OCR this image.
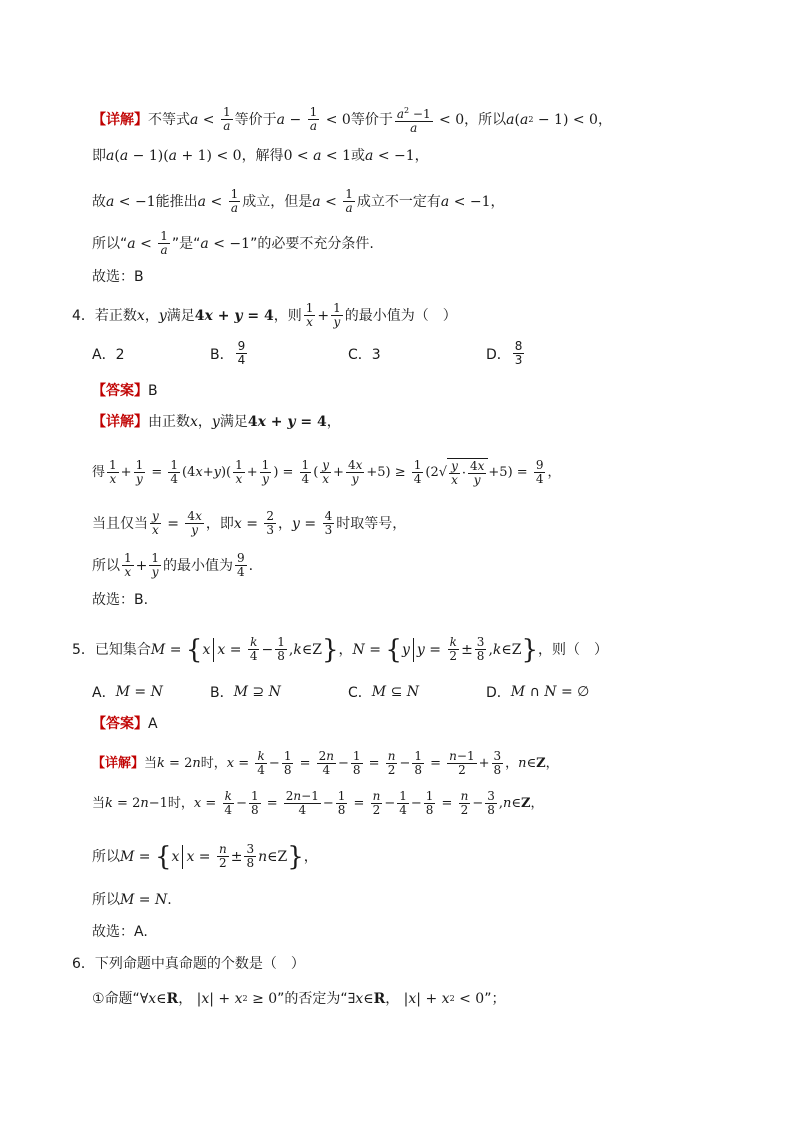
【详解】 不等式 $a < \frac{1}{a}$ 等价于 $a - \frac{1}{a} < 0$ 等价于 $\frac{a^2 -1}{a} < 0$ ，所以 a ( a 2 − 1) < 0，
即 a ( a − 1)( a + 1) < 0 ，解得 0 < a < 1 或 a < −1，
故 a < −1 能推出 $a < \frac{1}{a}$ 成立，但是 $a < \frac{1}{a}$ 成立不一定有 a < −1，
所以“ $a < \frac{1}{a}$ ”是“ a < −1 ”的必要不充分条件.
故选：B
4． 若正数 x ， y 满足 4x + y = 4 ，则 $\frac{1}{x} + \frac{1}{y}$ 的最小值为（　）
A．2	B． $\frac{9}{4}$	C．3	D． $\frac{8}{3}$
【答案】 B
【详解】 由正数 x ， y 满足 4x + y = 4 ，
得 $\frac{1}{x} + \frac{1}{y} = \frac{1}{4} (4$ x + y )( $\frac{1}{x} + \frac{1}{y}$ ) = $\frac{1}{4}$ ( $\frac{y}{x} + \frac{4x}{y} +5) \ge \frac{1}{4} (2$ √ $\frac{y}{x} \cdot \frac{4x}{y} +5) = \frac{9}{4}$ ，
当且仅当 $\frac{y}{x} = \frac{4x}{y}$ ，即 $x = \frac{2}{3}$ ， $y = \frac{4}{3}$ 时取等号，
所以 $\frac{1}{x} + \frac{1}{y}$ 的最小值为 $\frac{9}{4}$ .
故选：B.
5． 已知集合 M = { x $x = \frac{k}{4} - \frac{1}{8}$ , k ∈Z } ， N = { y $y = \frac{k}{2} \pm \frac{3}{8}$ , k ∈Z } ， 则（　）
A． M = N	B． M ⊇ N	C． M ⊆ N	D． M ∩ N = ∅
【答案】 A
【详解】 当 k = 2 n 时， $x = \frac{k}{4} - \frac{1}{8} = \frac{2n}{4} - \frac{1}{8} = \frac{n}{2} - \frac{1}{8} = \frac{n-1}{2} + \frac{3}{8}$ ， n ∈ Z ，
当 k = 2 n −1 时， $x = \frac{k}{4} - \frac{1}{8} = \frac{2n-1}{4} - \frac{1}{8} = \frac{n}{2} - \frac{1}{4} - \frac{1}{8} = \frac{n}{2} - \frac{3}{8}$ , n ∈ Z ，
所以 M = { x $x = \frac{n}{2} \pm \frac{3}{8}$ n ∈Z } ，
所以 M = N .
故选：A.
6． 下列命题中真命题的个数是（　）
①命题“ ∀ x ∈ R ， | x | + x 2 ≥ 0 ”的否定为“ ∃ x ∈ R ， | x | + x 2 < 0 ”；
